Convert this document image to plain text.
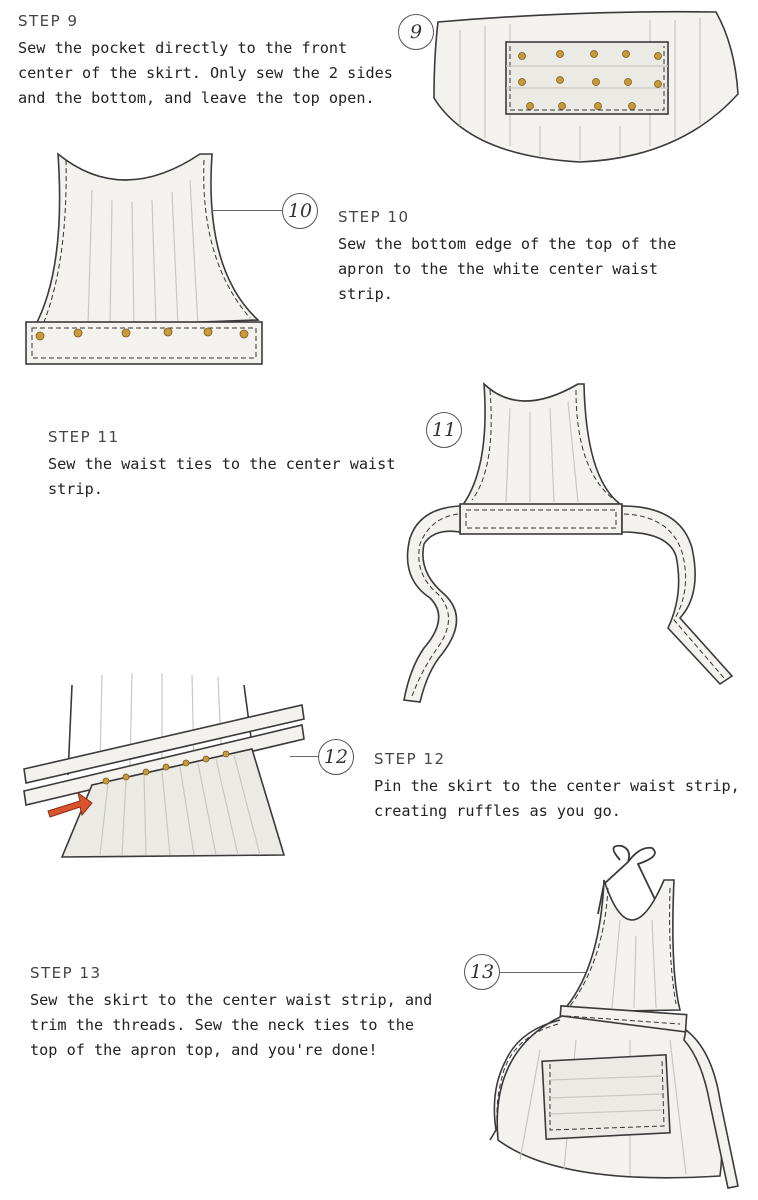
STEP 9

Sew the pocket directly to the front center of the skirt. Only sew the 2 sides and the bottom, and leave the top open.

9
10	STEP 10

Sew the bottom edge of the top of the apron to the the white center waist strip.

STEP 11

Sew the waist ties to the center waist strip.

11
12	STEP 12

Pin the skirt to the center waist strip, creating ruffles as you go.

STEP 13

Sew the skirt to the center waist strip, and trim the threads. Sew the neck ties to the top of the apron top, and you're done!

13
